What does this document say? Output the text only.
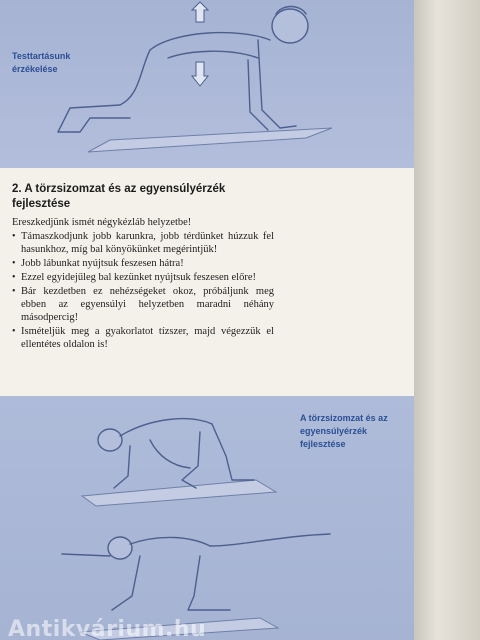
Testtartásunk érzékelése
2. A törzsizomzat és az egyensúlyérzék fejlesztése
Ereszkedjünk ismét négykézláb helyzetbe!
• Támaszkodjunk jobb karunkra, jobb térdünket húzzuk fel hasunkhoz, míg bal könyökünket megérintjük!
• Jobb lábunkat nyújtsuk feszesen hátra!
• Ezzel egyidejűleg bal kezünket nyújtsuk feszesen előre!
• Bár kezdetben ez nehézségeket okoz, próbáljunk meg ebben az egyensúlyi helyzetben maradni néhány másodpercig!
• Ismételjük meg a gyakorlatot tízszer, majd végezzük el ellentétes oldalon is!
A törzsizomzat és az egyensúlyérzék fejlesztése
Antikvárium.hu
